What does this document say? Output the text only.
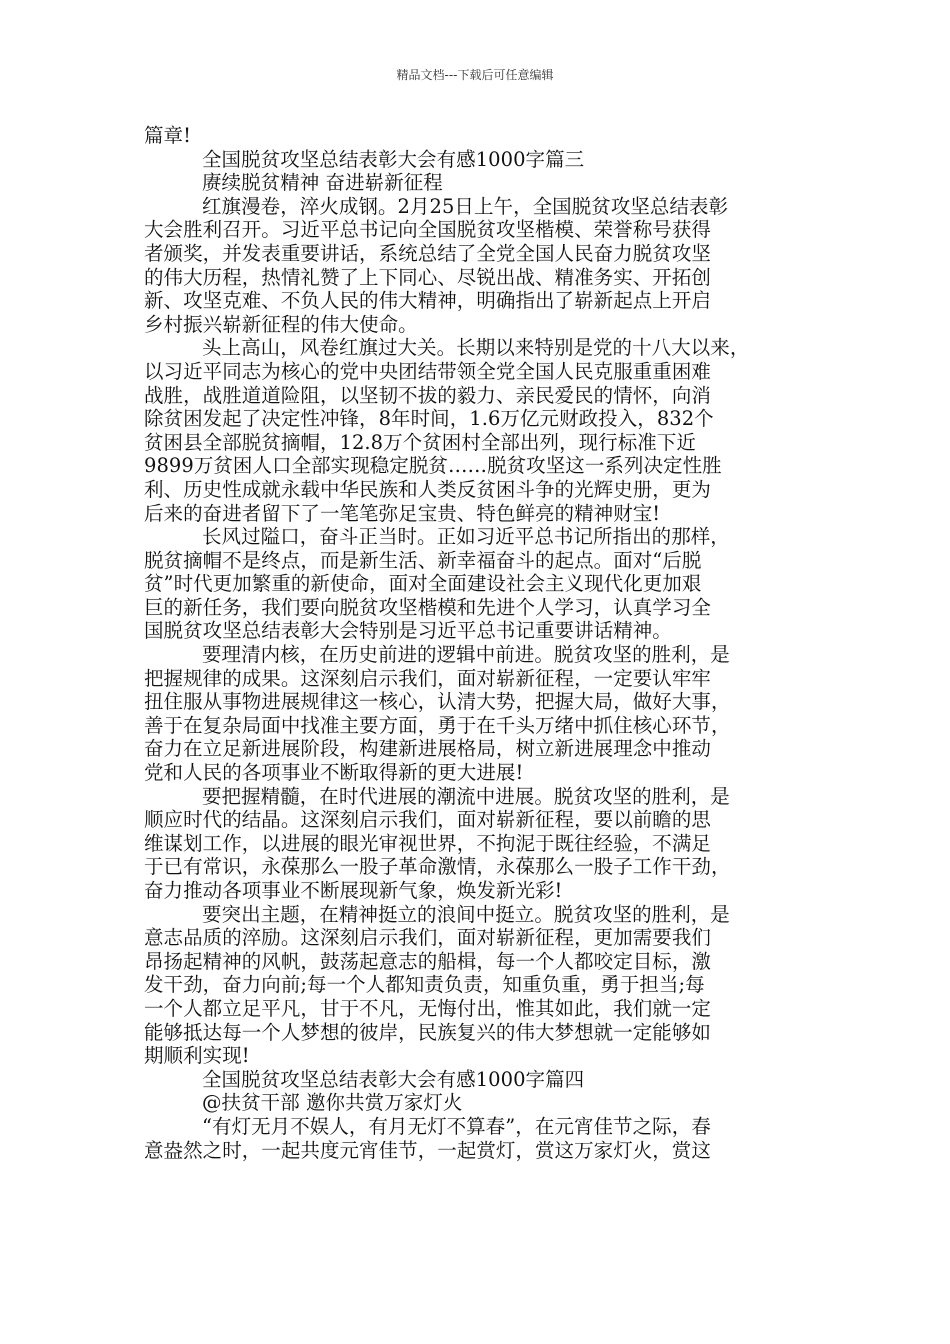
精品文档---下载后可任意编辑
篇章!
全国脱贫攻坚总结表彰大会有感1000字篇三
赓续脱贫精神 奋进崭新征程
红旗漫卷，淬火成钢。2月25日上午，全国脱贫攻坚总结表彰
大会胜利召开。习近平总书记向全国脱贫攻坚楷模、荣誉称号获得
者颁奖，并发表重要讲话，系统总结了全党全国人民奋力脱贫攻坚
的伟大历程，热情礼赞了上下同心、尽锐出战、精准务实、开拓创
新、攻坚克难、不负人民的伟大精神，明确指出了崭新起点上开启
乡村振兴崭新征程的伟大使命。
头上高山，风卷红旗过大关。长期以来特别是党的十八大以来，
以习近平同志为核心的党中央团结带领全党全国人民克服重重困难
战胜，战胜道道险阻，以坚韧不拔的毅力、亲民爱民的情怀，向消
除贫困发起了决定性冲锋，8年时间，1.6万亿元财政投入，832个
贫困县全部脱贫摘帽，12.8万个贫困村全部出列，现行标准下近
9899万贫困人口全部实现稳定脱贫……脱贫攻坚这一系列决定性胜
利、历史性成就永载中华民族和人类反贫困斗争的光辉史册，更为
后来的奋进者留下了一笔笔弥足宝贵、特色鲜亮的精神财宝!
长风过隘口，奋斗正当时。正如习近平总书记所指出的那样，
脱贫摘帽不是终点，而是新生活、新幸福奋斗的起点。面对“后脱
贫”时代更加繁重的新使命，面对全面建设社会主义现代化更加艰
巨的新任务，我们要向脱贫攻坚楷模和先进个人学习，认真学习全
国脱贫攻坚总结表彰大会特别是习近平总书记重要讲话精神。
要理清内核，在历史前进的逻辑中前进。脱贫攻坚的胜利，是
把握规律的成果。这深刻启示我们，面对崭新征程，一定要认牢牢
扭住服从事物进展规律这一核心，认清大势，把握大局，做好大事，
善于在复杂局面中找准主要方面，勇于在千头万绪中抓住核心环节，
奋力在立足新进展阶段，构建新进展格局，树立新进展理念中推动
党和人民的各项事业不断取得新的更大进展!
要把握精髓，在时代进展的潮流中进展。脱贫攻坚的胜利，是
顺应时代的结晶。这深刻启示我们，面对崭新征程，要以前瞻的思
维谋划工作，以进展的眼光审视世界，不拘泥于既往经验，不满足
于已有常识，永葆那么一股子革命激情，永葆那么一股子工作干劲，
奋力推动各项事业不断展现新气象，焕发新光彩!
要突出主题，在精神挺立的浪间中挺立。脱贫攻坚的胜利，是
意志品质的淬励。这深刻启示我们，面对崭新征程，更加需要我们
昂扬起精神的风帆，鼓荡起意志的船楫，每一个人都咬定目标，激
发干劲，奋力向前;每一个人都知责负责，知重负重，勇于担当;每
一个人都立足平凡，甘于不凡，无悔付出，惟其如此，我们就一定
能够抵达每一个人梦想的彼岸，民族复兴的伟大梦想就一定能够如
期顺利实现!
全国脱贫攻坚总结表彰大会有感1000字篇四
@扶贫干部 邀你共赏万家灯火
“有灯无月不娱人，有月无灯不算春”，在元宵佳节之际，春
意盎然之时，一起共度元宵佳节，一起赏灯，赏这万家灯火，赏这
